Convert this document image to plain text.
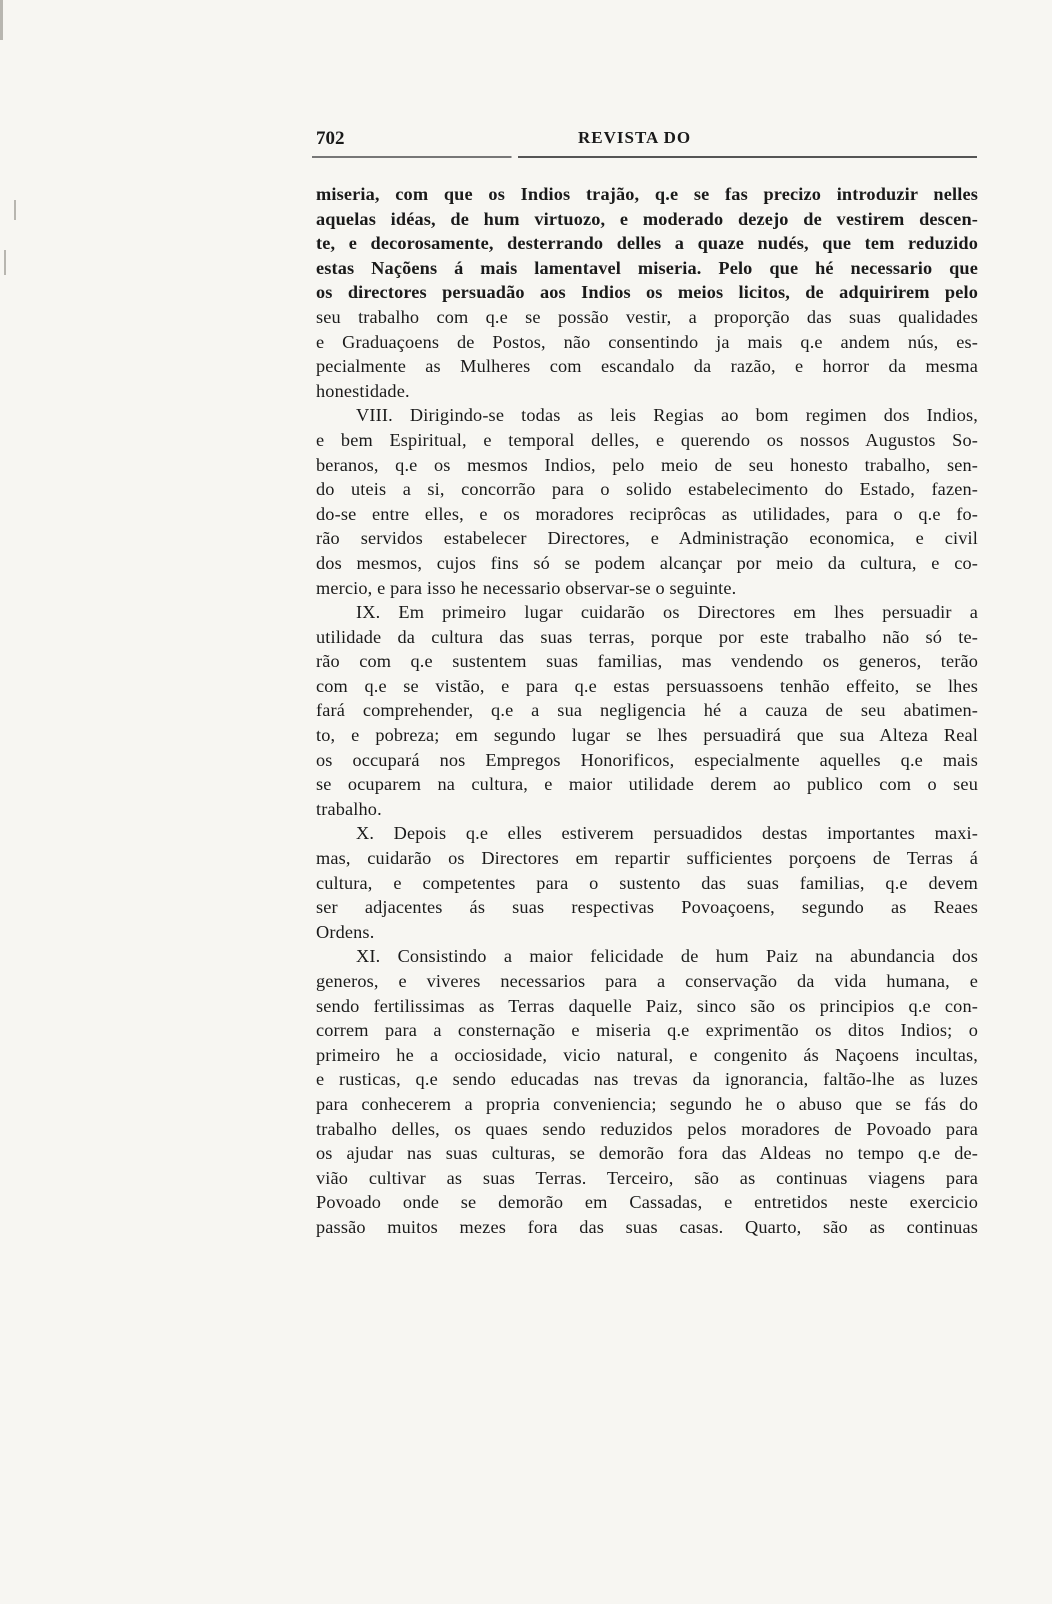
702	REVISTA DO
miseria, com que os Indios trajão, q.e se fas precizo introduzir nelles
aquelas idéas, de hum virtuozo, e moderado dezejo de vestirem descen-
te, e decorosamente, desterrando delles a quaze nudés, que tem reduzido
estas Naçõens á mais lamentavel miseria. Pelo que hé necessario que
os directores persuadão aos Indios os meios licitos, de adquirirem pelo
seu trabalho com q.e se possão vestir, a proporção das suas qualidades
e Graduaçoens de Postos, não consentindo ja mais q.e andem nús, es-
pecialmente as Mulheres com escandalo da razão, e horror da mesma
honestidade.
VIII. Dirigindo-se todas as leis Regias ao bom regimen dos Indios,
e bem Espiritual, e temporal delles, e querendo os nossos Augustos So-
beranos, q.e os mesmos Indios, pelo meio de seu honesto trabalho, sen-
do uteis a si, concorrão para o solido estabelecimento do Estado, fazen-
do-se entre elles, e os moradores reciprôcas as utilidades, para o q.e fo-
rão servidos estabelecer Directores, e Administração economica, e civil
dos mesmos, cujos fins só se podem alcançar por meio da cultura, e co-
mercio, e para isso he necessario observar-se o seguinte.
IX. Em primeiro lugar cuidarão os Directores em lhes persuadir a
utilidade da cultura das suas terras, porque por este trabalho não só te-
rão com q.e sustentem suas familias, mas vendendo os generos, terão
com q.e se vistão, e para q.e estas persuassoens tenhão effeito, se lhes
fará comprehender, q.e a sua negligencia hé a cauza de seu abatimen-
to, e pobreza; em segundo lugar se lhes persuadirá que sua Alteza Real
os occupará nos Empregos Honorificos, especialmente aquelles q.e mais
se ocuparem na cultura, e maior utilidade derem ao publico com o seu
trabalho.
X. Depois q.e elles estiverem persuadidos destas importantes maxi-
mas, cuidarão os Directores em repartir sufficientes porçoens de Terras á
cultura, e competentes para o sustento das suas familias, q.e devem
ser adjacentes ás suas respectivas Povoaçoens, segundo as Reaes
Ordens.
XI. Consistindo a maior felicidade de hum Paiz na abundancia dos
generos, e viveres necessarios para a conservação da vida humana, e
sendo fertilissimas as Terras daquelle Paiz, sinco são os principios q.e con-
correm para a consternação e miseria q.e exprimentão os ditos Indios; o
primeiro he a occiosidade, vicio natural, e congenito ás Naçoens incultas,
e rusticas, q.e sendo educadas nas trevas da ignorancia, faltão-lhe as luzes
para conhecerem a propria conveniencia; segundo he o abuso que se fás do
trabalho delles, os quaes sendo reduzidos pelos moradores de Povoado para
os ajudar nas suas culturas, se demorão fora das Aldeas no tempo q.e de-
vião cultivar as suas Terras. Terceiro, são as continuas viagens para
Povoado onde se demorão em Cassadas, e entretidos neste exercicio
passão muitos mezes fora das suas casas. Quarto, são as continuas
